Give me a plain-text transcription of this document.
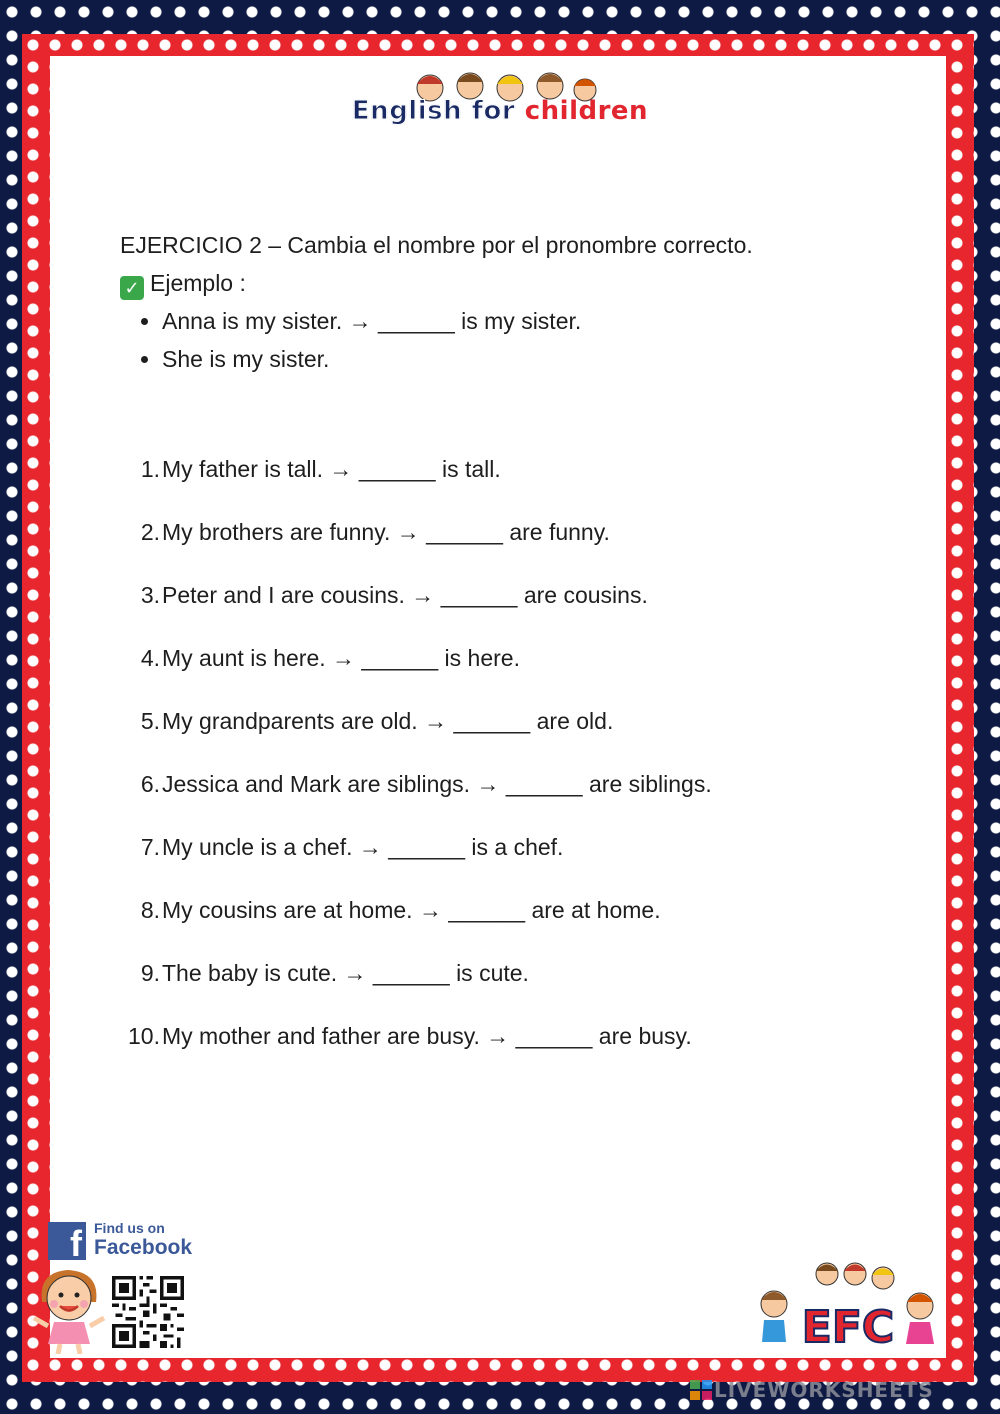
English for children
EJERCICIO 2 – Cambia el nombre por el pronombre correcto.
✓ Ejemplo :
• Anna is my sister. → ______ is my sister.
• She is my sister.
1.My father is tall. → ______ is tall.
2.My brothers are funny. → ______ are funny.
3.Peter and I are cousins. → ______ are cousins.
4.My aunt is here. → ______ is here.
5.My grandparents are old. → ______ are old.
6.Jessica and Mark are siblings. → ______ are siblings.
7.My uncle is a chef. → ______ is a chef.
8.My cousins are at home. → ______ are at home.
9.The baby is cute. → ______ is cute.
10.My mother and father are busy. → ______ are busy.
f Find us on
Facebook
EFC
LIVEWORKSHEETS
